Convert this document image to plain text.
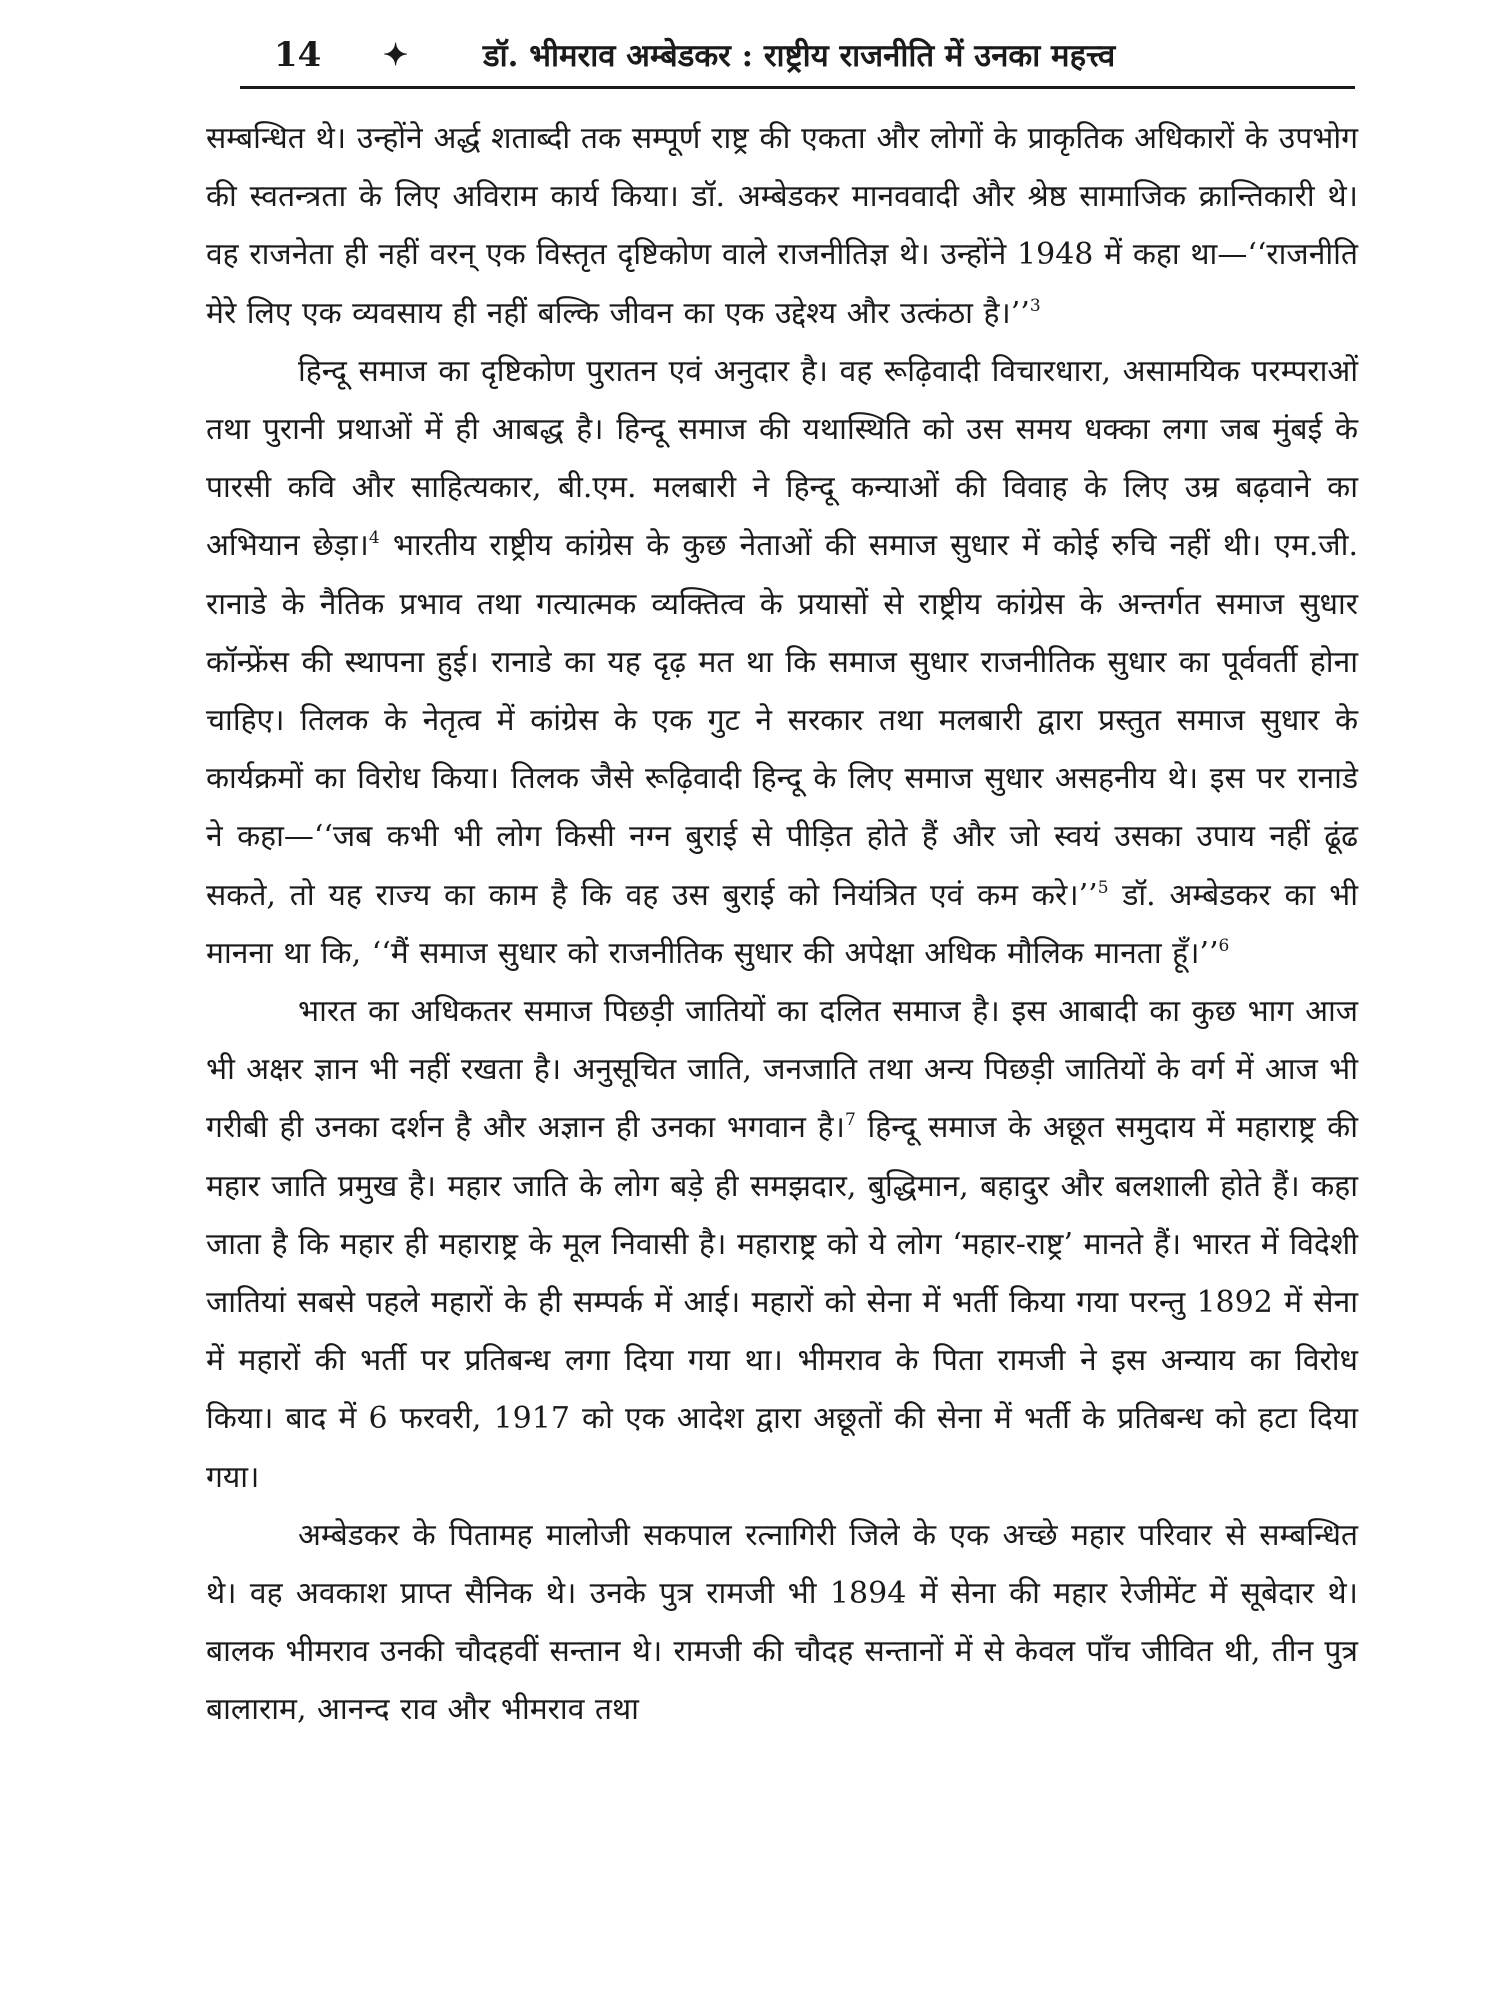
14	✦	डॉ. भीमराव अम्बेडकर : राष्ट्रीय राजनीति में उनका महत्त्व

सम्बन्धित थे। उन्होंने अर्द्ध शताब्दी तक सम्पूर्ण राष्ट्र की एकता और लोगों के प्राकृतिक अधिकारों के उपभोग की स्वतन्त्रता के लिए अविराम कार्य किया। डॉ. अम्बेडकर मानववादी और श्रेष्ठ सामाजिक क्रान्तिकारी थे। वह राजनेता ही नहीं वरन् एक विस्तृत दृष्टिकोण वाले राजनीतिज्ञ थे। उन्होंने 1948 में कहा था—‘‘राजनीति मेरे लिए एक व्यवसाय ही नहीं बल्कि जीवन का एक उद्देश्य और उत्कंठा है।’’$^3$

हिन्दू समाज का दृष्टिकोण पुरातन एवं अनुदार है। वह रूढ़िवादी विचारधारा, असामयिक परम्पराओं तथा पुरानी प्रथाओं में ही आबद्ध है। हिन्दू समाज की यथास्थिति को उस समय धक्का लगा जब मुंबई के पारसी कवि और साहित्यकार, बी.एम. मलबारी ने हिन्दू कन्याओं की विवाह के लिए उम्र बढ़वाने का अभियान छेड़ा।$^4$ भारतीय राष्ट्रीय कांग्रेस के कुछ नेताओं की समाज सुधार में कोई रुचि नहीं थी। एम.जी. रानाडे के नैतिक प्रभाव तथा गत्यात्मक व्यक्तित्व के प्रयासों से राष्ट्रीय कांग्रेस के अन्तर्गत समाज सुधार कॉन्फ्रेंस की स्थापना हुई। रानाडे का यह दृढ़ मत था कि समाज सुधार राजनीतिक सुधार का पूर्ववर्ती होना चाहिए। तिलक के नेतृत्व में कांग्रेस के एक गुट ने सरकार तथा मलबारी द्वारा प्रस्तुत समाज सुधार के कार्यक्रमों का विरोध किया। तिलक जैसे रूढ़िवादी हिन्दू के लिए समाज सुधार असहनीय थे। इस पर रानाडे ने कहा—‘‘जब कभी भी लोग किसी नग्न बुराई से पीड़ित होते हैं और जो स्वयं उसका उपाय नहीं ढूंढ सकते, तो यह राज्य का काम है कि वह उस बुराई को नियंत्रित एवं कम करे।’’$^5$ डॉ. अम्बेडकर का भी मानना था कि, ‘‘मैं समाज सुधार को राजनीतिक सुधार की अपेक्षा अधिक मौलिक मानता हूँ।’’$^6$

भारत का अधिकतर समाज पिछड़ी जातियों का दलित समाज है। इस आबादी का कुछ भाग आज भी अक्षर ज्ञान भी नहीं रखता है। अनुसूचित जाति, जनजाति तथा अन्य पिछड़ी जातियों के वर्ग में आज भी गरीबी ही उनका दर्शन है और अज्ञान ही उनका भगवान है।$^7$ हिन्दू समाज के अछूत समुदाय में महाराष्ट्र की महार जाति प्रमुख है। महार जाति के लोग बड़े ही समझदार, बुद्धिमान, बहादुर और बलशाली होते हैं। कहा जाता है कि महार ही महाराष्ट्र के मूल निवासी है। महाराष्ट्र को ये लोग ‘महार-राष्ट्र’ मानते हैं। भारत में विदेशी जातियां सबसे पहले महारों के ही सम्पर्क में आई। महारों को सेना में भर्ती किया गया परन्तु 1892 में सेना में महारों की भर्ती पर प्रतिबन्ध लगा दिया गया था। भीमराव के पिता रामजी ने इस अन्याय का विरोध किया। बाद में 6 फरवरी, 1917 को एक आदेश द्वारा अछूतों की सेना में भर्ती के प्रतिबन्ध को हटा दिया गया।

अम्बेडकर के पितामह मालोजी सकपाल रत्नागिरी जिले के एक अच्छे महार परिवार से सम्बन्धित थे। वह अवकाश प्राप्त सैनिक थे। उनके पुत्र रामजी भी 1894 में सेना की महार रेजीमेंट में सूबेदार थे। बालक भीमराव उनकी चौदहवीं सन्तान थे। रामजी की चौदह सन्तानों में से केवल पाँच जीवित थी, तीन पुत्र बालाराम, आनन्द राव और भीमराव तथा
